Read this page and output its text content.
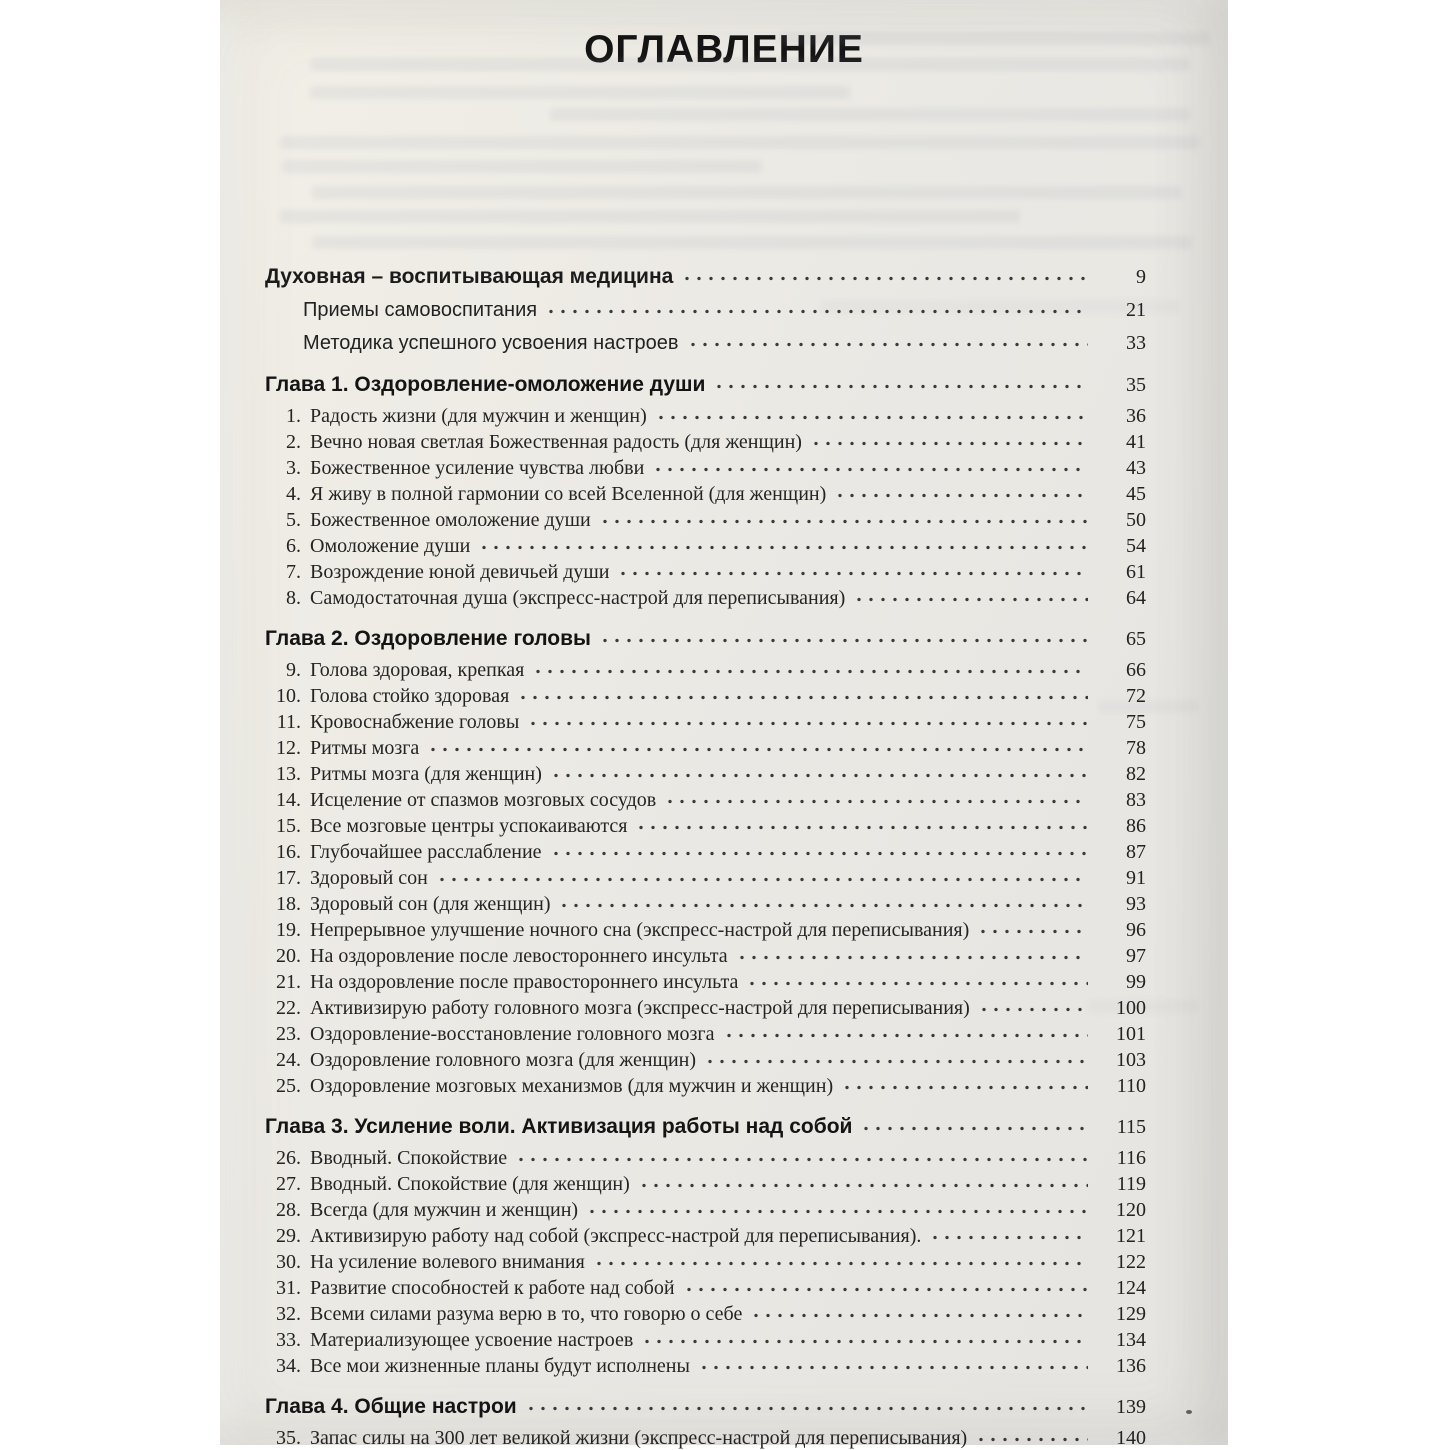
ОГЛАВЛЕНИЕ
Духовная – воспитывающая медицина	9
Приемы самовоспитания	21
Методика успешного усвоения настроев	33
Глава 1. Оздоровление-омоложение души	35
1. Радость жизни (для мужчин и женщин)	36
2. Вечно новая светлая Божественная радость (для женщин)	41
3. Божественное усиление чувства любви	43
4. Я живу в полной гармонии со всей Вселенной (для женщин)	45
5. Божественное омоложение души	50
6. Омоложение души	54
7. Возрождение юной девичьей души	61
8. Самодостаточная душа (экспресс-настрой для переписывания)	64
Глава 2. Оздоровление головы	65
9. Голова здоровая, крепкая	66
10. Голова стойко здоровая	72
11. Кровоснабжение головы	75
12. Ритмы мозга	78
13. Ритмы мозга (для женщин)	82
14. Исцеление от спазмов мозговых сосудов	83
15. Все мозговые центры успокаиваются	86
16. Глубочайшее расслабление	87
17. Здоровый сон	91
18. Здоровый сон (для женщин)	93
19. Непрерывное улучшение ночного сна (экспресс-настрой для переписывания)	96
20. На оздоровление после левостороннего инсульта	97
21. На оздоровление после правостороннего инсульта	99
22. Активизирую работу головного мозга (экспресс-настрой для переписывания)	100
23. Оздоровление-восстановление головного мозга	101
24. Оздоровление головного мозга (для женщин)	103
25. Оздоровление мозговых механизмов (для мужчин и женщин)	110
Глава 3. Усиление воли. Активизация работы над собой	115
26. Вводный. Спокойствие	116
27. Вводный. Спокойствие (для женщин)	119
28. Всегда (для мужчин и женщин)	120
29. Активизирую работу над собой (экспресс-настрой для переписывания).	121
30. На усиление волевого внимания	122
31. Развитие способностей к работе над собой	124
32. Всеми силами разума верю в то, что говорю о себе	129
33. Материализующее усвоение настроев	134
34. Все мои жизненные планы будут исполнены	136
Глава 4. Общие настрои	139
35. Запас силы на 300 лет великой жизни (экспресс-настрой для переписывания)	140
